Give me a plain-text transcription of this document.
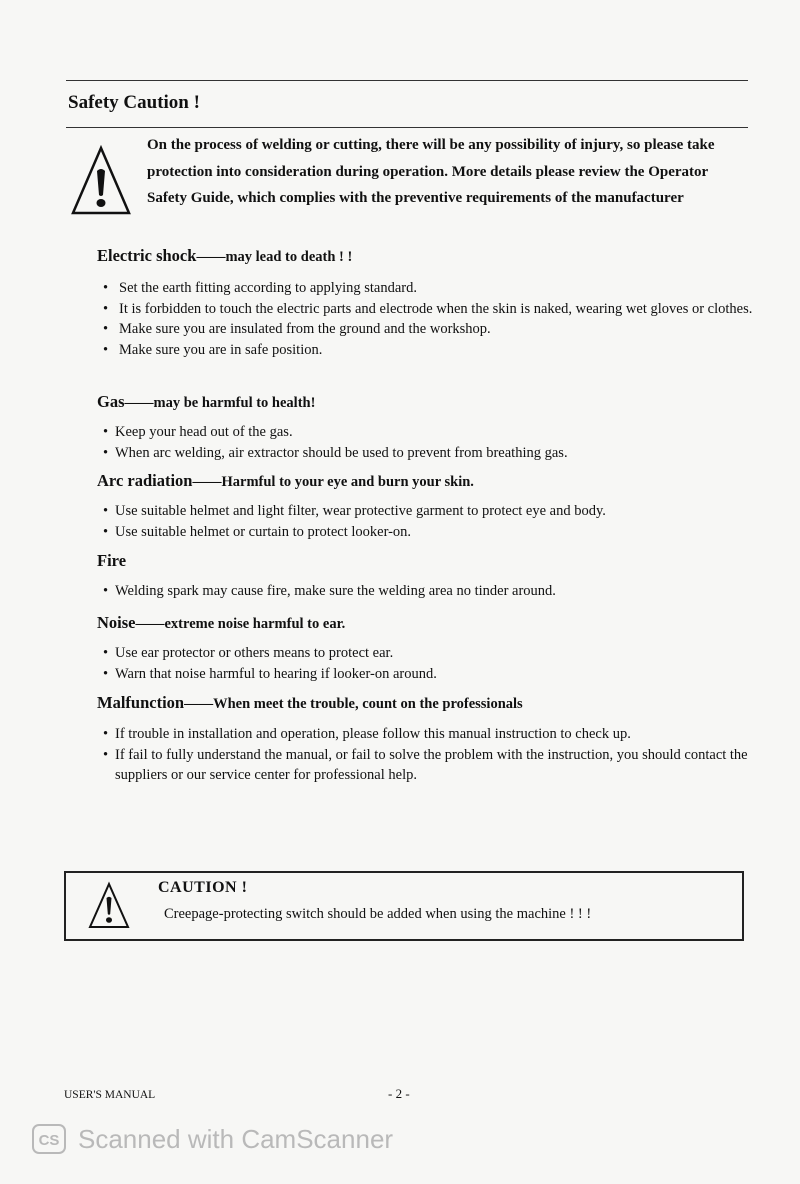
Safety Caution !

On the process of welding or cutting, there will be any possibility of injury, so please take protection into consideration during operation. More details please review the Operator Safety Guide, which complies with the preventive requirements of the manufacturer

Electric shock——may lead to death ! !

• Set the earth fitting according to applying standard.
• It is forbidden to touch the electric parts and electrode when the skin is naked, wearing wet gloves or clothes.
• Make sure you are insulated from the ground and the workshop.
• Make sure you are in safe position.

Gas——may be harmful to health!

• Keep your head out of the gas.
• When arc welding, air extractor should be used to prevent from breathing gas.

Arc radiation——Harmful to your eye and burn your skin.

• Use suitable helmet and light filter, wear protective garment to protect eye and body.
• Use suitable helmet or curtain to protect looker-on.

Fire

• Welding spark may cause fire, make sure the welding area no tinder around.

Noise——extreme noise harmful to ear.

• Use ear protector or others means to protect ear.
• Warn that noise harmful to hearing if looker-on around.

Malfunction——When meet the trouble, count on the professionals

• If trouble in installation and operation, please follow this manual instruction to check up.
• If fail to fully understand the manual, or fail to solve the problem with the instruction, you should contact the suppliers or our service center for professional help.

CAUTION !

Creepage-protecting switch should be added when using the machine ! ! !

USER'S MANUAL	- 2 -

CS Scanned with CamScanner
